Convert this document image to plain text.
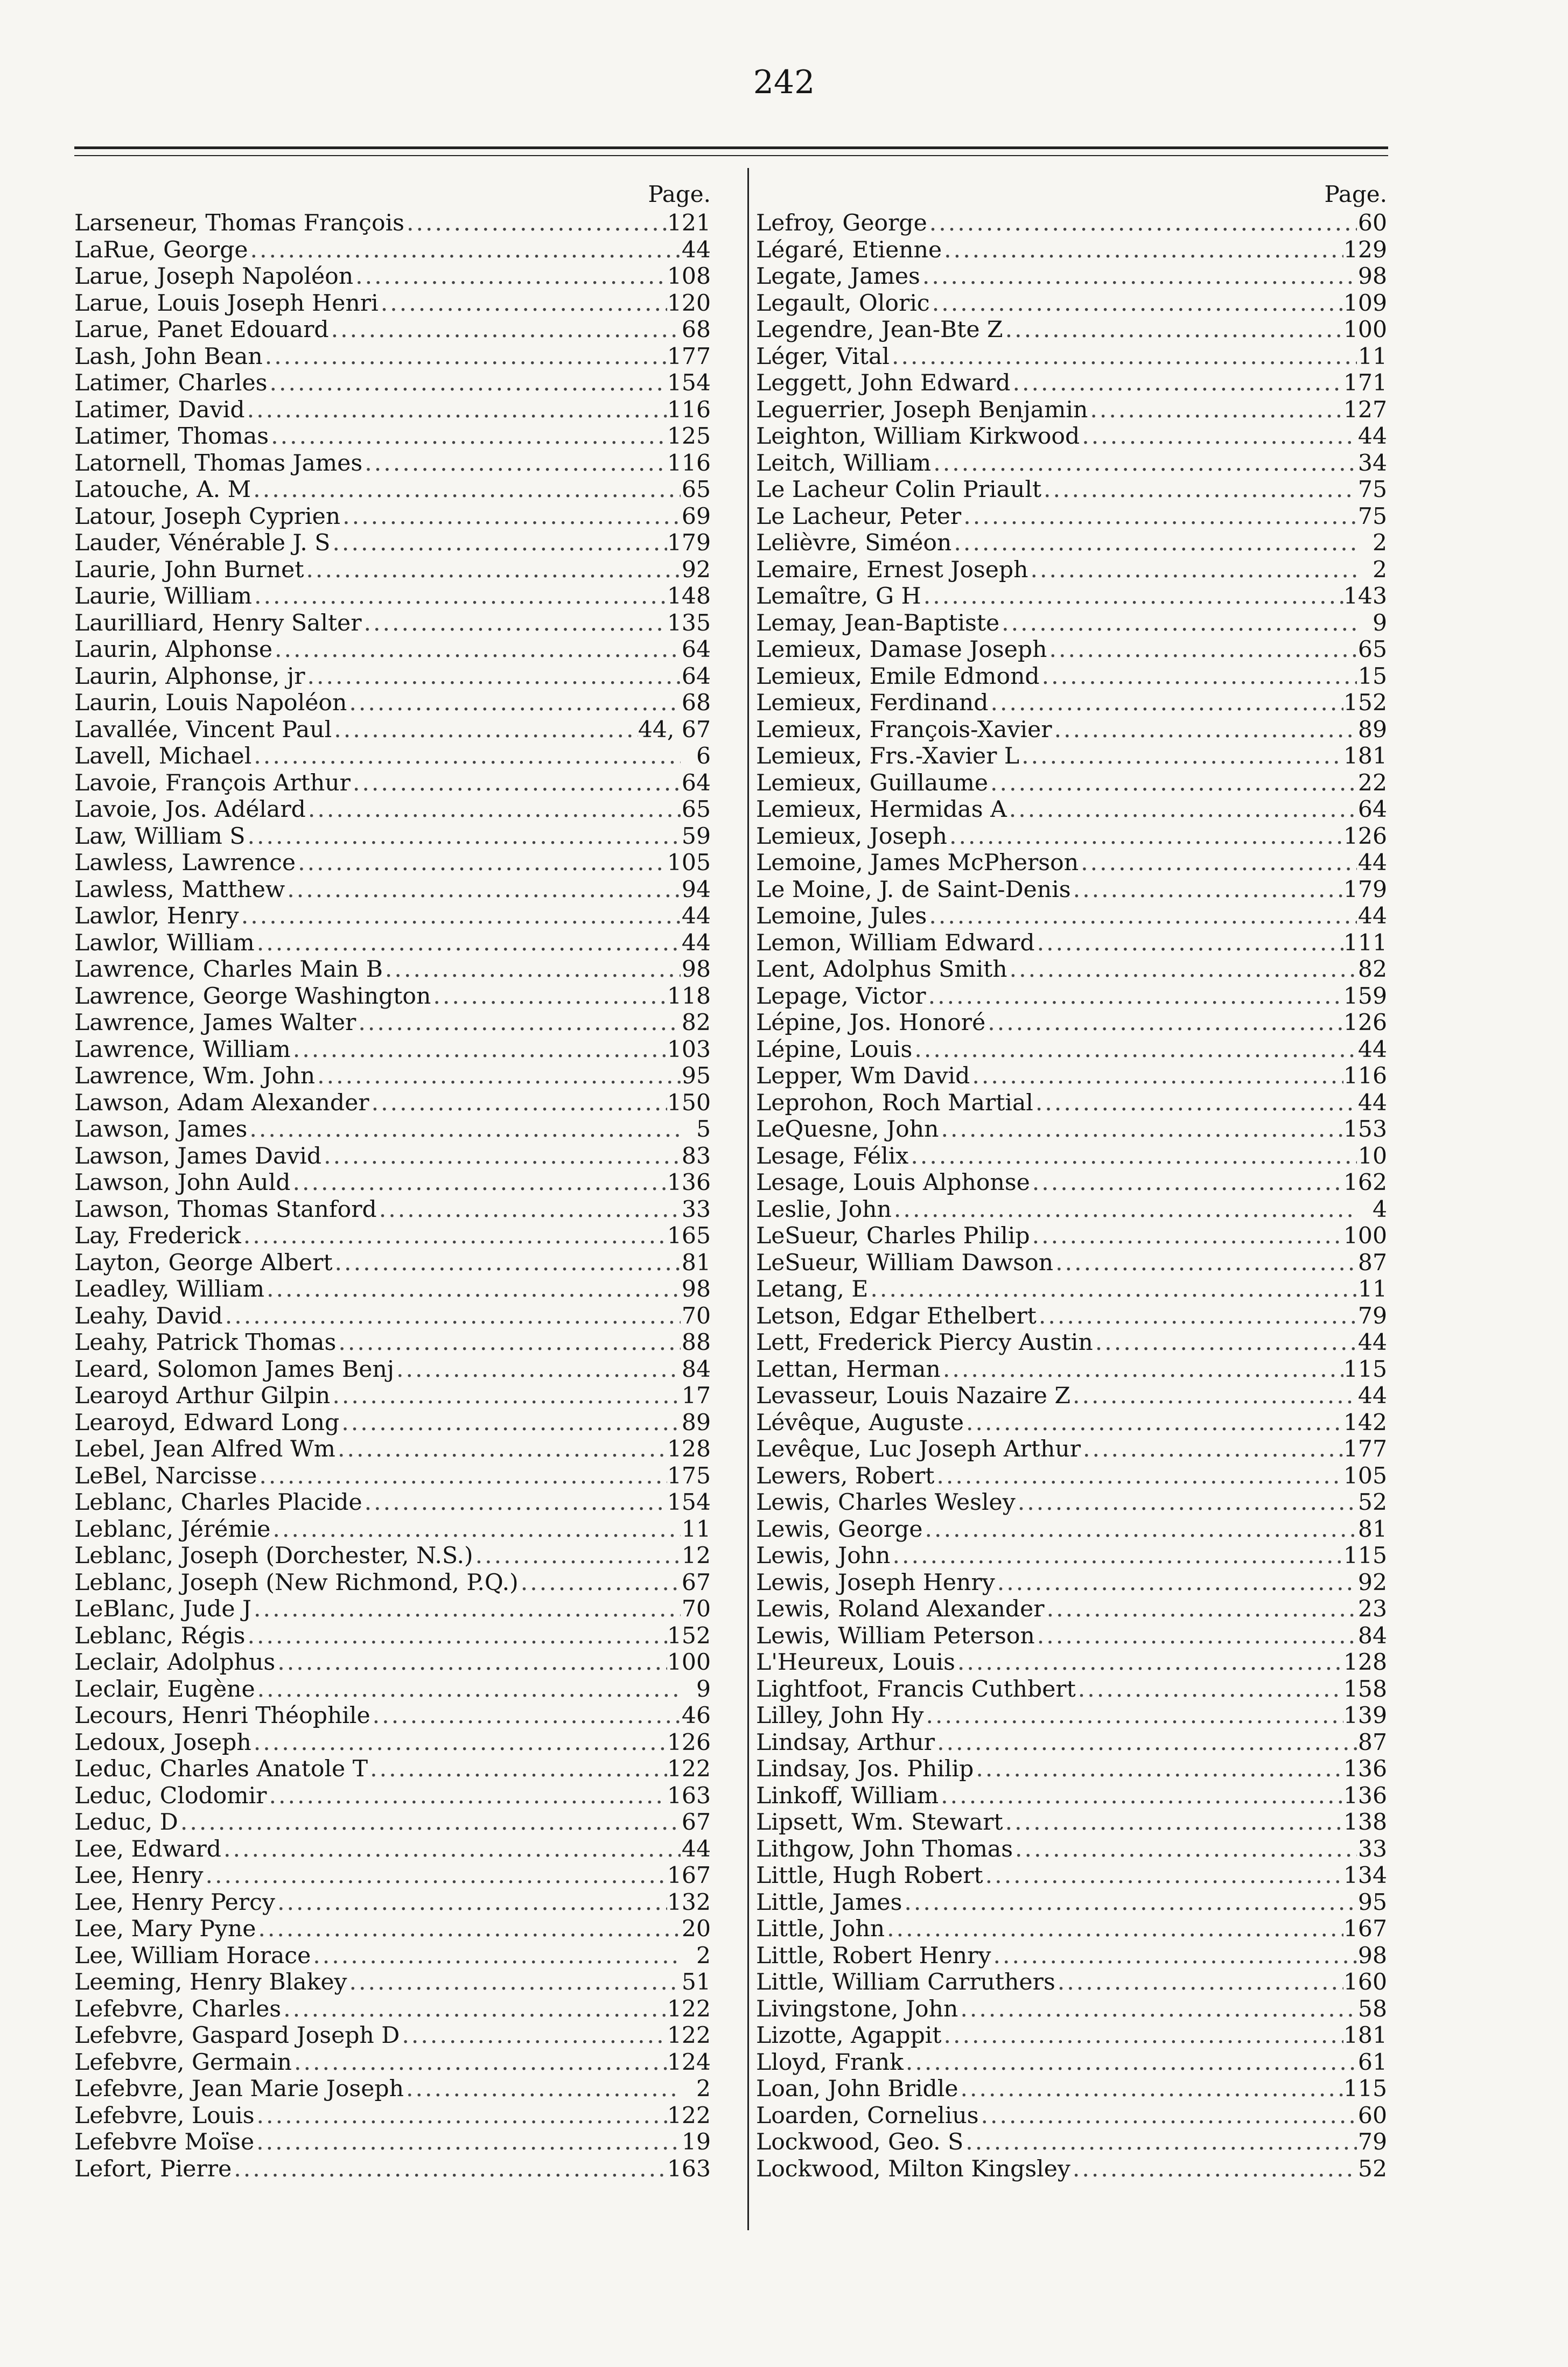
242
Page.
Larseneur, Thomas François .....	121
LaRue, George .....	44
Larue, Joseph Napoléon .....	108
Larue, Louis Joseph Henri .....	120
Larue, Panet Edouard .....	68
Lash, John Bean .....	177
Latimer, Charles .....	154
Latimer, David .....	116
Latimer, Thomas .....	125
Latornell, Thomas James .....	116
Latouche, A. M .....	65
Latour, Joseph Cyprien .....	69
Lauder, Vénérable J. S .....	179
Laurie, John Burnet .....	92
Laurie, William .....	148
Laurilliard, Henry Salter .....	135
Laurin, Alphonse .....	64
Laurin, Alphonse, jr .....	64
Laurin, Louis Napoléon .....	68
Lavallée, Vincent Paul .....	44, 67
Lavell, Michael .....	6
Lavoie, François Arthur .....	64
Lavoie, Jos. Adélard .....	65
Law, William S .....	59
Lawless, Lawrence .....	105
Lawless, Matthew .....	94
Lawlor, Henry .....	44
Lawlor, William .....	44
Lawrence, Charles Main B .....	98
Lawrence, George Washington .....	118
Lawrence, James Walter .....	82
Lawrence, William .....	103
Lawrence, Wm. John .....	95
Lawson, Adam Alexander .....	150
Lawson, James .....	5
Lawson, James David .....	83
Lawson, John Auld .....	136
Lawson, Thomas Stanford .....	33
Lay, Frederick .....	165
Layton, George Albert .....	81
Leadley, William .....	98
Leahy, David .....	70
Leahy, Patrick Thomas .....	88
Leard, Solomon James Benj .....	84
Learoyd Arthur Gilpin .....	17
Learoyd, Edward Long .....	89
Lebel, Jean Alfred Wm .....	128
LeBel, Narcisse .....	175
Leblanc, Charles Placide .....	154
Leblanc, Jérémie .....	11
Leblanc, Joseph (Dorchester, N.S.) .....	12
Leblanc, Joseph (New Richmond, P.Q.) .....	67
LeBlanc, Jude J .....	70
Leblanc, Régis .....	152
Leclair, Adolphus .....	100
Leclair, Eugène .....	9
Lecours, Henri Théophile .....	46
Ledoux, Joseph .....	126
Leduc, Charles Anatole T .....	122
Leduc, Clodomir .....	163
Leduc, D .....	67
Lee, Edward .....	44
Lee, Henry .....	167
Lee, Henry Percy .....	132
Lee, Mary Pyne .....	20
Lee, William Horace .....	2
Leeming, Henry Blakey .....	51
Lefebvre, Charles .....	122
Lefebvre, Gaspard Joseph D .....	122
Lefebvre, Germain .....	124
Lefebvre, Jean Marie Joseph .....	2
Lefebvre, Louis .....	122
Lefebvre Moïse .....	19
Lefort, Pierre .....	163
Page.
Lefroy, George .....	60
Légaré, Etienne .....	129
Legate, James .....	98
Legault, Oloric .....	109
Legendre, Jean-Bte Z .....	100
Léger, Vital .....	11
Leggett, John Edward .....	171
Leguerrier, Joseph Benjamin .....	127
Leighton, William Kirkwood .....	44
Leitch, William .....	34
Le Lacheur Colin Priault .....	75
Le Lacheur, Peter .....	75
Lelièvre, Siméon .....	2
Lemaire, Ernest Joseph .....	2
Lemaître, G H .....	143
Lemay, Jean-Baptiste .....	9
Lemieux, Damase Joseph .....	65
Lemieux, Emile Edmond .....	15
Lemieux, Ferdinand .....	152
Lemieux, François-Xavier .....	89
Lemieux, Frs.-Xavier L .....	181
Lemieux, Guillaume .....	22
Lemieux, Hermidas A .....	64
Lemieux, Joseph .....	126
Lemoine, James McPherson .....	44
Le Moine, J. de Saint-Denis .....	179
Lemoine, Jules .....	44
Lemon, William Edward .....	111
Lent, Adolphus Smith .....	82
Lepage, Victor .....	159
Lépine, Jos. Honoré .....	126
Lépine, Louis .....	44
Lepper, Wm David .....	116
Leprohon, Roch Martial .....	44
LeQuesne, John .....	153
Lesage, Félix .....	10
Lesage, Louis Alphonse .....	162
Leslie, John .....	4
LeSueur, Charles Philip .....	100
LeSueur, William Dawson .....	87
Letang, E .....	11
Letson, Edgar Ethelbert .....	79
Lett, Frederick Piercy Austin .....	44
Lettan, Herman .....	115
Levasseur, Louis Nazaire Z .....	44
Lévêque, Auguste .....	142
Levêque, Luc Joseph Arthur .....	177
Lewers, Robert .....	105
Lewis, Charles Wesley .....	52
Lewis, George .....	81
Lewis, John .....	115
Lewis, Joseph Henry .....	92
Lewis, Roland Alexander .....	23
Lewis, William Peterson .....	84
L'Heureux, Louis .....	128
Lightfoot, Francis Cuthbert .....	158
Lilley, John Hy .....	139
Lindsay, Arthur .....	87
Lindsay, Jos. Philip .....	136
Linkoff, William .....	136
Lipsett, Wm. Stewart .....	138
Lithgow, John Thomas .....	33
Little, Hugh Robert .....	134
Little, James .....	95
Little, John .....	167
Little, Robert Henry .....	98
Little, William Carruthers .....	160
Livingstone, John .....	58
Lizotte, Agappit .....	181
Lloyd, Frank .....	61
Loan, John Bridle .....	115
Loarden, Cornelius .....	60
Lockwood, Geo. S .....	79
Lockwood, Milton Kingsley .....	52
